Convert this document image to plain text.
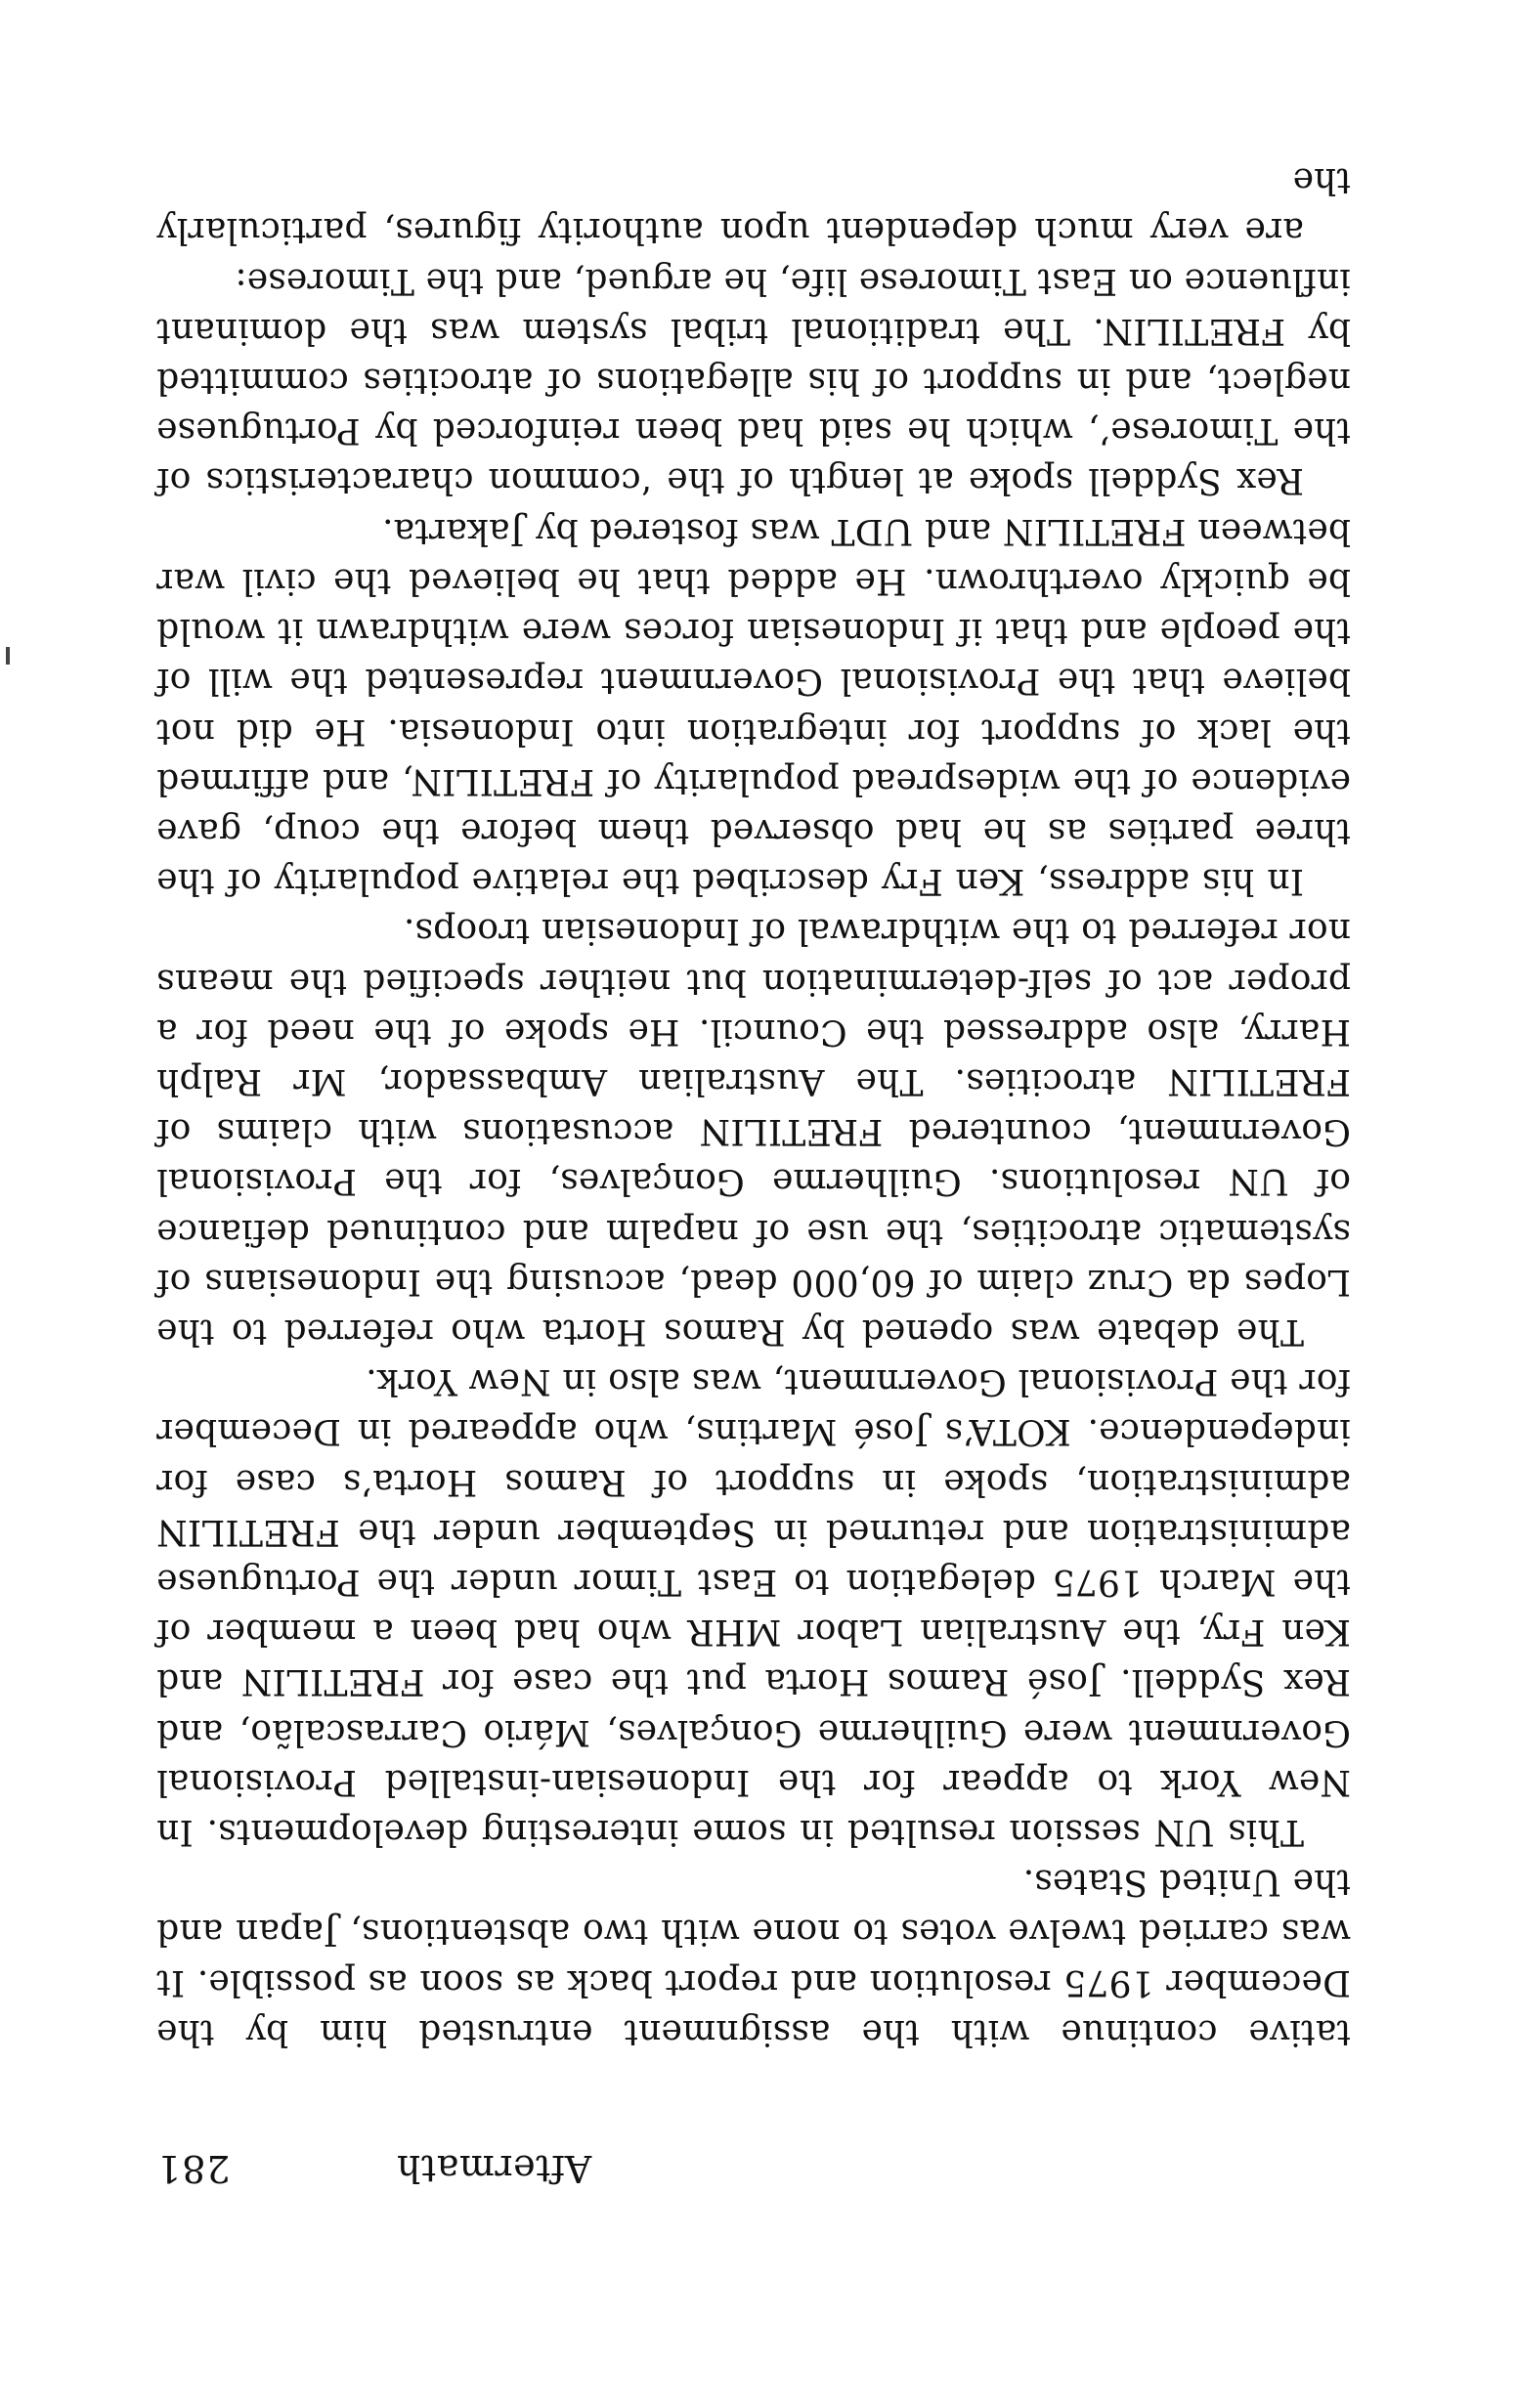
Aftermath
281

tative continue with the assignment entrusted him by the December 1975 resolution and report back as soon as possible. It was carried twelve votes to none with two abstentions, Japan and the United States.

This UN session resulted in some interesting developments. In New York to appear for the Indonesian-installed Provisional Government were Guilherme Gonçalves, Mário Carrascalão, and Rex Syddell. José Ramos Horta put the case for FRETILIN and Ken Fry, the Australian Labor MHR who had been a member of the March 1975 delegation to East Timor under the Portuguese administration and returned in September under the FRETILIN administration, spoke in support of Ramos Horta’s case for independence. KOTA’s José Martins, who appeared in December for the Provisional Government, was also in New York.

The debate was opened by Ramos Horta who referred to the Lopes da Cruz claim of 60,000 dead, accusing the Indonesians of systematic atrocities, the use of napalm and continued defiance of UN resolutions. Guilherme Gonçalves, for the Provisional Government, countered FRETILIN accusations with claims of FRETILIN atrocities. The Australian Ambassador, Mr Ralph Harry, also addressed the Council. He spoke of the need for a proper act of self-determination but neither specified the means nor referred to the withdrawal of Indonesian troops.

In his address, Ken Fry described the relative popularity of the three parties as he had observed them before the coup, gave evidence of the widespread popularity of FRETILIN, and affirmed the lack of support for integration into Indonesia. He did not believe that the Provisional Government represented the will of the people and that if Indonesian forces were withdrawn it would be quickly overthrown. He added that he believed the civil war between FRETILIN and UDT was fostered by Jakarta.

Rex Syddell spoke at length of the ‘common characteristics of the Timorese’, which he said had been reinforced by Portuguese neglect, and in support of his allegations of atrocities committed by FRETILIN. The traditional tribal system was the dominant influence on East Timorese life, he argued, and the Timorese:

are very much dependent upon authority figures, particularly the
